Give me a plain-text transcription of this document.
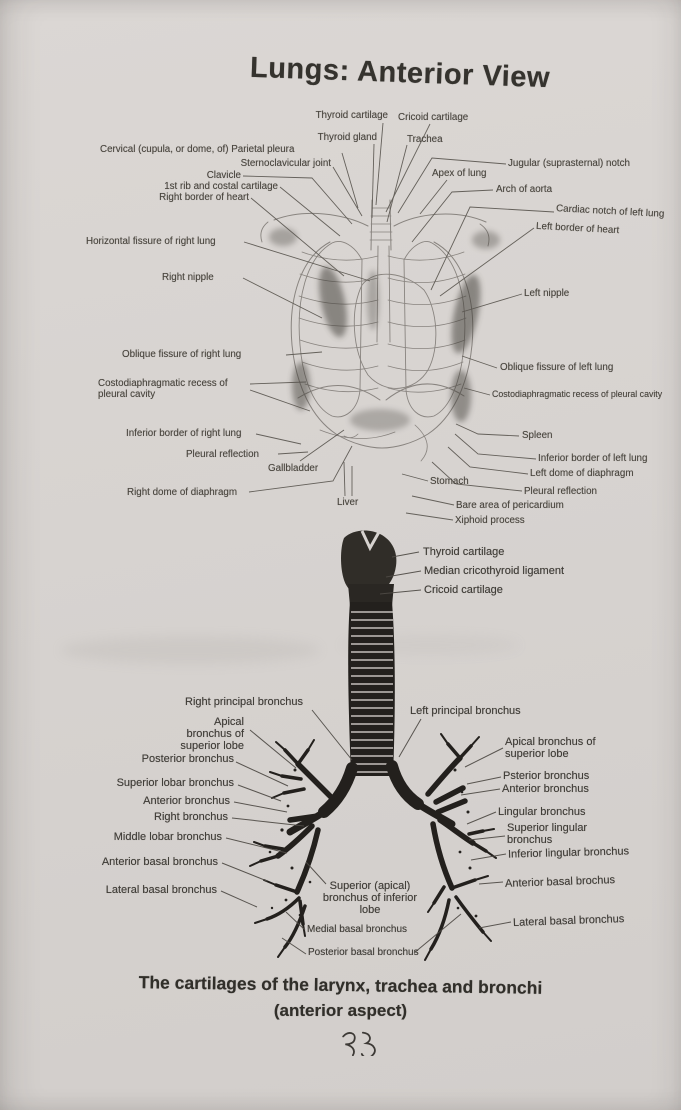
Lungs: Anterior View
Thyroid cartilage Cricoid cartilage
Thyroid gland	Trachea
Cervical (cupula, or dome, of) Parietal pleura
Sternoclavicular joint
Clavicle
1st rib and costal cartilage
Right border of heart
Jugular (suprasternal) notch
Apex of lung
Arch of aorta
Cardiac notch of left lung
Left border of heart
Horizontal fissure of right lung
Right nipple
Left nipple
Oblique fissure of right lung
Oblique fissure of left lung
Costodiaphragmatic recess of pleural cavity	Costodiaphragmatic recess of pleural cavity
Inferior border of right lung
Pleural reflection
Gallbladder
Right dome of diaphragm
Liver
Spleen
Inferior border of left lung
Left dome of diaphragm
Stomach
Pleural reflection
Bare area of pericardium
Xiphoid process
Thyroid cartilage
Median cricothyroid ligament
Cricoid cartilage
Right principal bronchus
Apical bronchus of superior lobe
Left principal bronchus
Posterior bronchus
Superior lobar bronchus
Anterior bronchus
Right bronchus
Middle lobar bronchus
Anterior basal bronchus
Lateral basal bronchus
Apical bronchus of superior lobe
Psterior bronchus
Anterior bronchus
Lingular bronchus
Superior lingular bronchus
Inferior lingular bronchus
Anterior basal brochus
Superior (apical) bronchus of inferior lobe
Lateral basal bronchus
Medial basal bronchus
Posterior basal bronchus
The cartilages of the larynx, trachea and bronchi
(anterior aspect)
